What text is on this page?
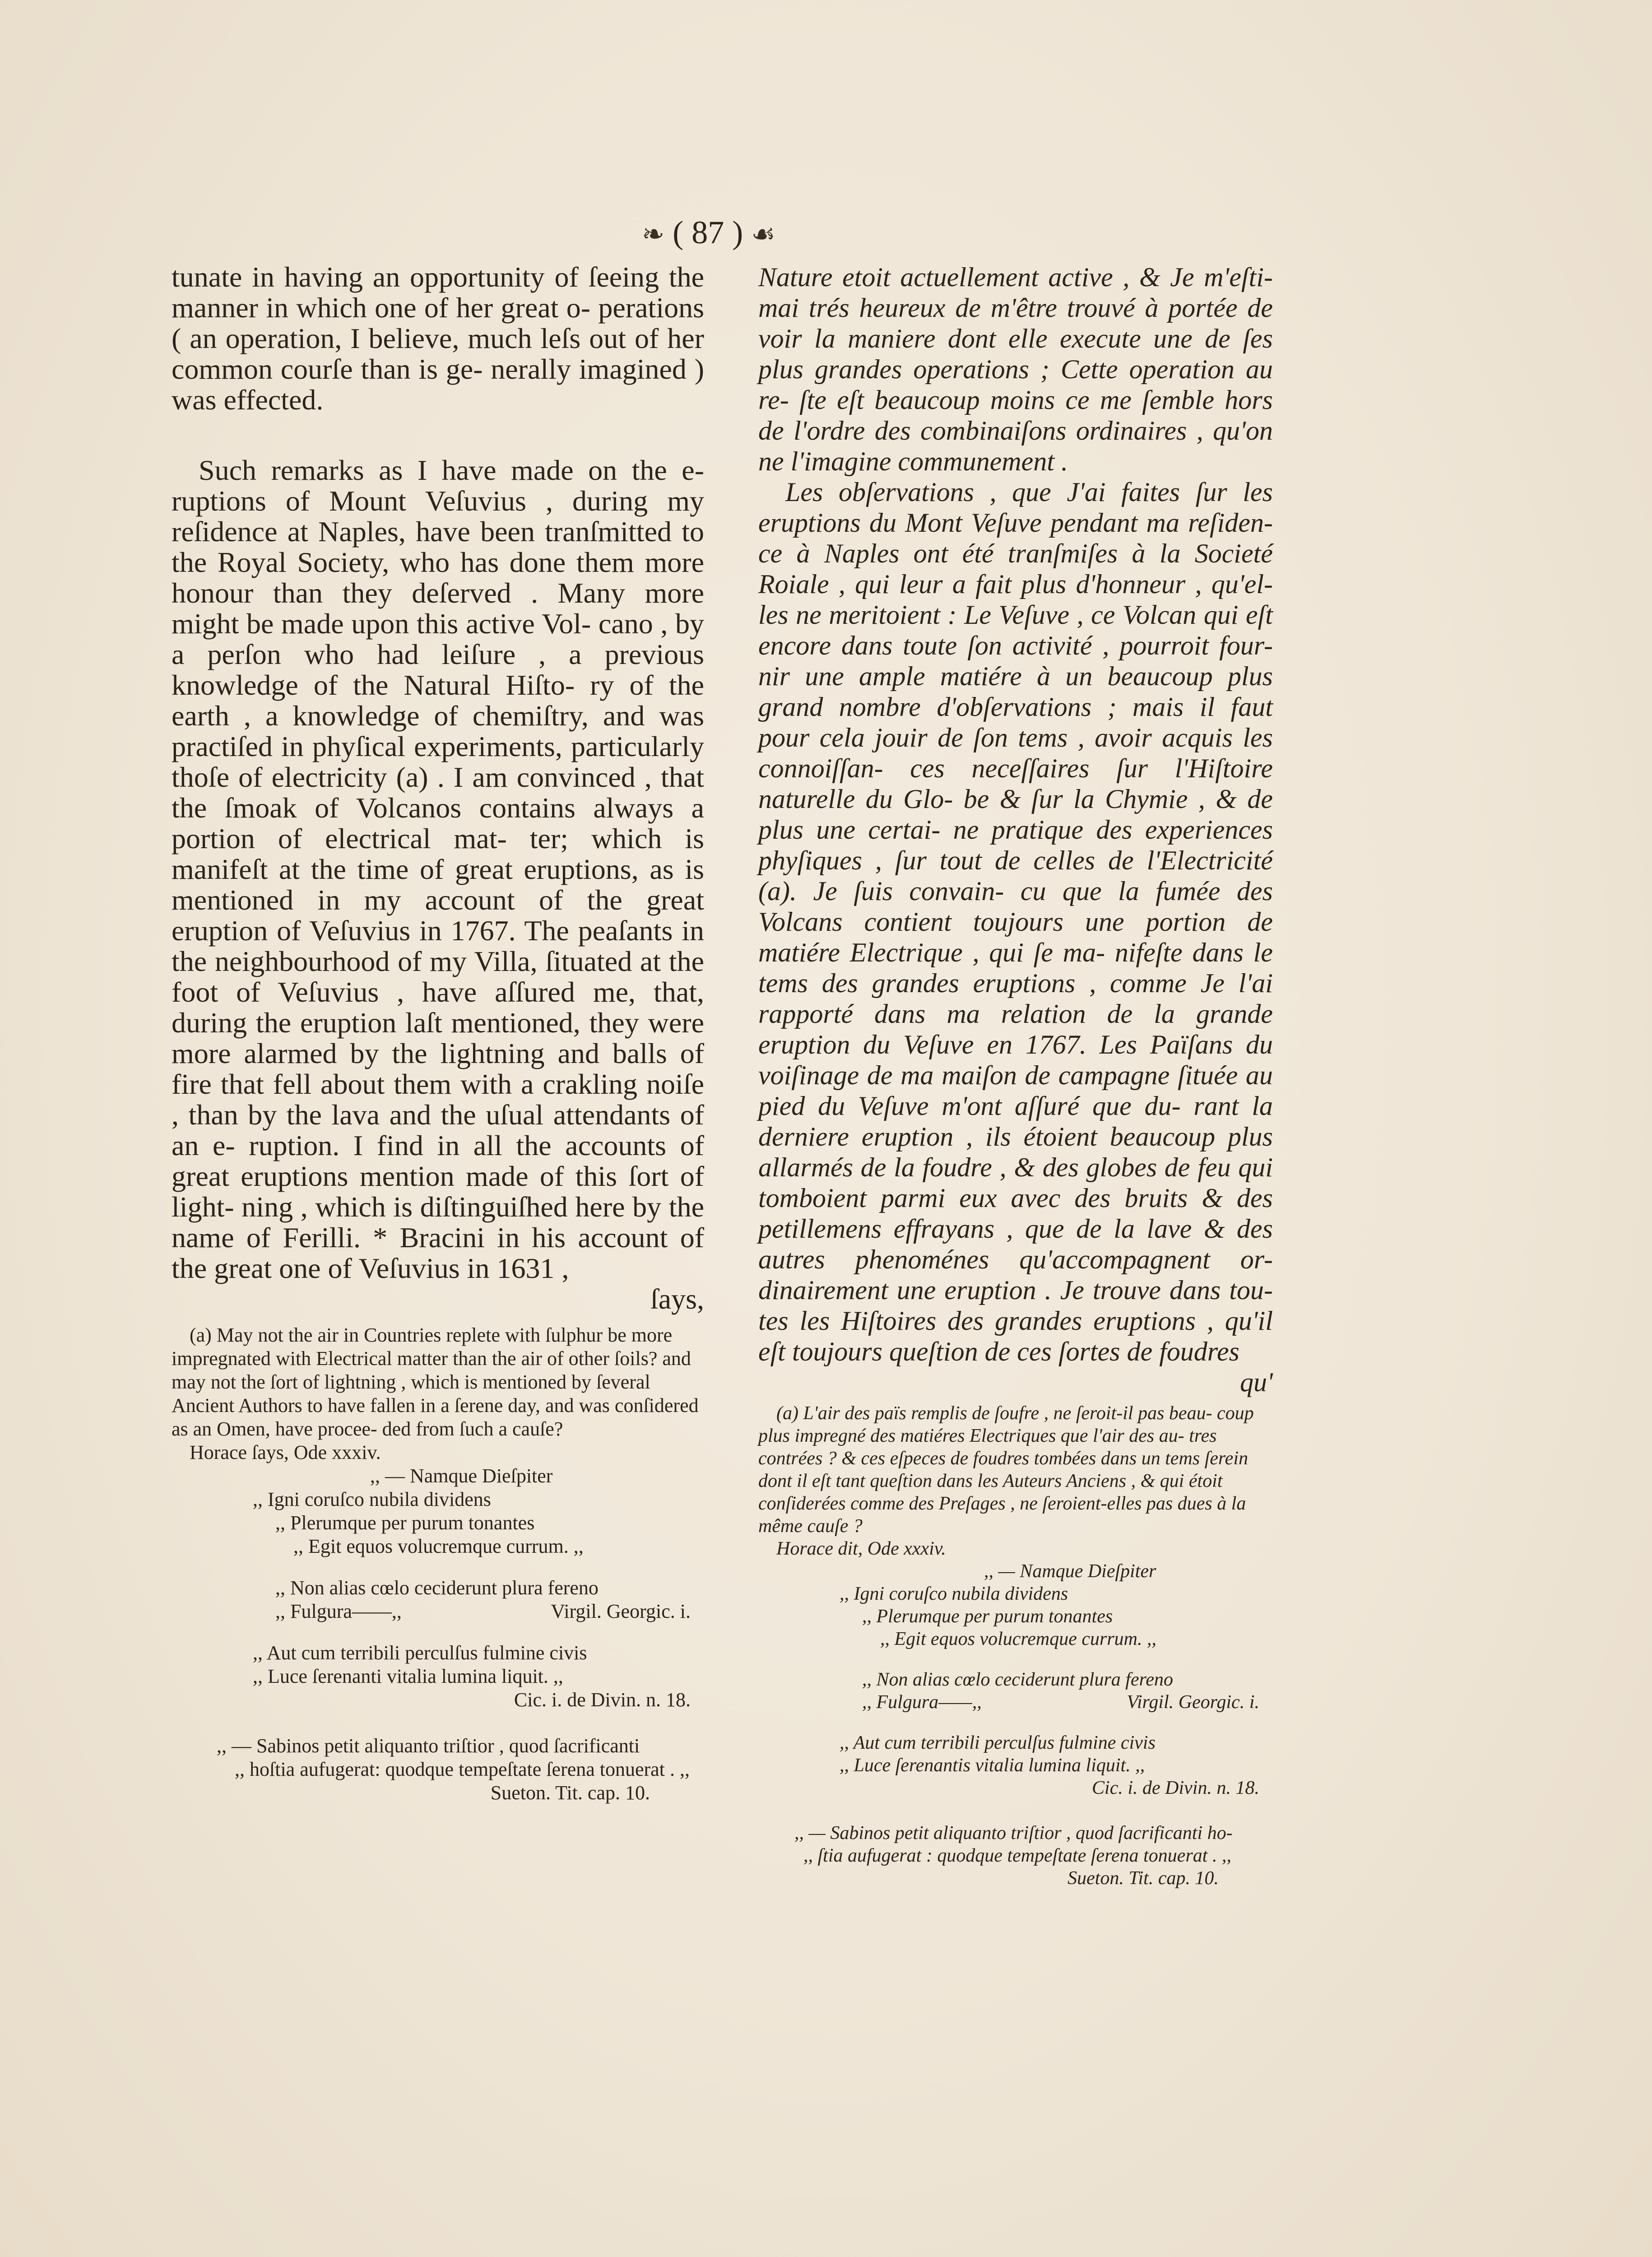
❧ ( 87 ) ☙
tunate in having an opportunity of ſeeing the manner in which one of her great o- perations ( an operation, I believe, much leſs out of her common courſe than is ge- nerally imagined ) was effected.
Such remarks as I have made on the e- ruptions of Mount Veſuvius , during my reſidence at Naples, have been tranſmitted to the Royal Society, who has done them more honour than they deſerved . Many more might be made upon this active Vol- cano , by a perſon who had leiſure , a previous knowledge of the Natural Hiſto- ry of the earth , a knowledge of chemiſtry, and was practiſed in phyſical experiments, particularly thoſe of electricity (a) . I am convinced , that the ſmoak of Volcanos contains always a portion of electrical mat- ter; which is manifeſt at the time of great eruptions, as is mentioned in my account of the great eruption of Veſuvius in 1767. The peaſants in the neighbourhood of my Villa, ſituated at the foot of Veſuvius , have aſſured me, that, during the eruption laſt mentioned, they were more alarmed by the lightning and balls of fire that fell about them with a crakling noiſe , than by the lava and the uſual attendants of an e- ruption. I find in all the accounts of great eruptions mention made of this ſort of light- ning , which is diſtinguiſhed here by the name of Ferilli. * Bracini in his account of the great one of Veſuvius in 1631 ,
ſays,
(a) May not the air in Countries replete with ſulphur be more impregnated with Electrical matter than the air of other ſoils? and may not the ſort of lightning , which is mentioned by ſeveral Ancient Authors to have fallen in a ſerene day, and was conſidered as an Omen, have procee- ded from ſuch a cauſe?
Horace ſays, Ode xxxiv.
,, — Namque Dieſpiter
,, Igni coruſco nubila dividens
,, Plerumque per purum tonantes
,, Egit equos volucremque currum. ,,
,, Non alias cœlo ceciderunt plura fereno
,, Fulgura——,,	Virgil. Georgic. i.
,, Aut cum terribili perculſus fulmine civis
,, Luce ſerenanti vitalia lumina liquit. ,,
Cic. i. de Divin. n. 18.
,, — Sabinos petit aliquanto triſtior , quod ſacrificanti
,, hoſtia aufugerat: quodque tempeſtate ſerena tonuerat . ,,
Sueton. Tit. cap. 10.
Nature etoit actuellement active , & Je m'eſti- mai trés heureux de m'être trouvé à portée de voir la maniere dont elle execute une de ſes plus grandes operations ; Cette operation au re- ſte eſt beaucoup moins ce me ſemble hors de l'ordre des combinaiſons ordinaires , qu'on ne l'imagine communement .
Les obſervations , que J'ai faites ſur les eruptions du Mont Veſuve pendant ma reſiden- ce à Naples ont été tranſmiſes à la Societé Roiale , qui leur a fait plus d'honneur , qu'el- les ne meritoient : Le Veſuve , ce Volcan qui eſt encore dans toute ſon activité , pourroit four- nir une ample matiére à un beaucoup plus grand nombre d'obſervations ; mais il faut pour cela jouir de ſon tems , avoir acquis les connoiſſan- ces neceſſaires ſur l'Hiſtoire naturelle du Glo- be & ſur la Chymie , & de plus une certai- ne pratique des experiences phyſiques , ſur tout de celles de l'Electricité (a). Je ſuis convain- cu que la fumée des Volcans contient toujours une portion de matiére Electrique , qui ſe ma- nifeſte dans le tems des grandes eruptions , comme Je l'ai rapporté dans ma relation de la grande eruption du Veſuve en 1767. Les Païſans du voiſinage de ma maiſon de campagne ſituée au pied du Veſuve m'ont aſſuré que du- rant la derniere eruption , ils étoient beaucoup plus allarmés de la foudre , & des globes de feu qui tomboient parmi eux avec des bruits & des petillemens effrayans , que de la lave & des autres phenoménes qu'accompagnent or- dinairement une eruption . Je trouve dans tou- tes les Hiſtoires des grandes eruptions , qu'il eſt toujours queſtion de ces ſortes de foudres
qu'
(a) L'air des païs remplis de ſoufre , ne ſeroit-il pas beau- coup plus impregné des matiéres Electriques que l'air des au- tres contrées ? & ces eſpeces de foudres tombées dans un tems ſerein dont il eſt tant queſtion dans les Auteurs Anciens , & qui étoit conſiderées comme des Preſages , ne ſeroient-elles pas dues à la même cauſe ?
Horace dit, Ode xxxiv.
,, — Namque Dieſpiter
,, Igni coruſco nubila dividens
,, Plerumque per purum tonantes
,, Egit equos volucremque currum. ,,
,, Non alias cœlo ceciderunt plura fereno
,, Fulgura——,,	Virgil. Georgic. i.
,, Aut cum terribili perculſus fulmine civis
,, Luce ſerenantis vitalia lumina liquit. ,,
Cic. i. de Divin. n. 18.
,, — Sabinos petit aliquanto triſtior , quod ſacrificanti ho-
,, ſtia aufugerat : quodque tempeſtate ſerena tonuerat . ,,
Sueton. Tit. cap. 10.
